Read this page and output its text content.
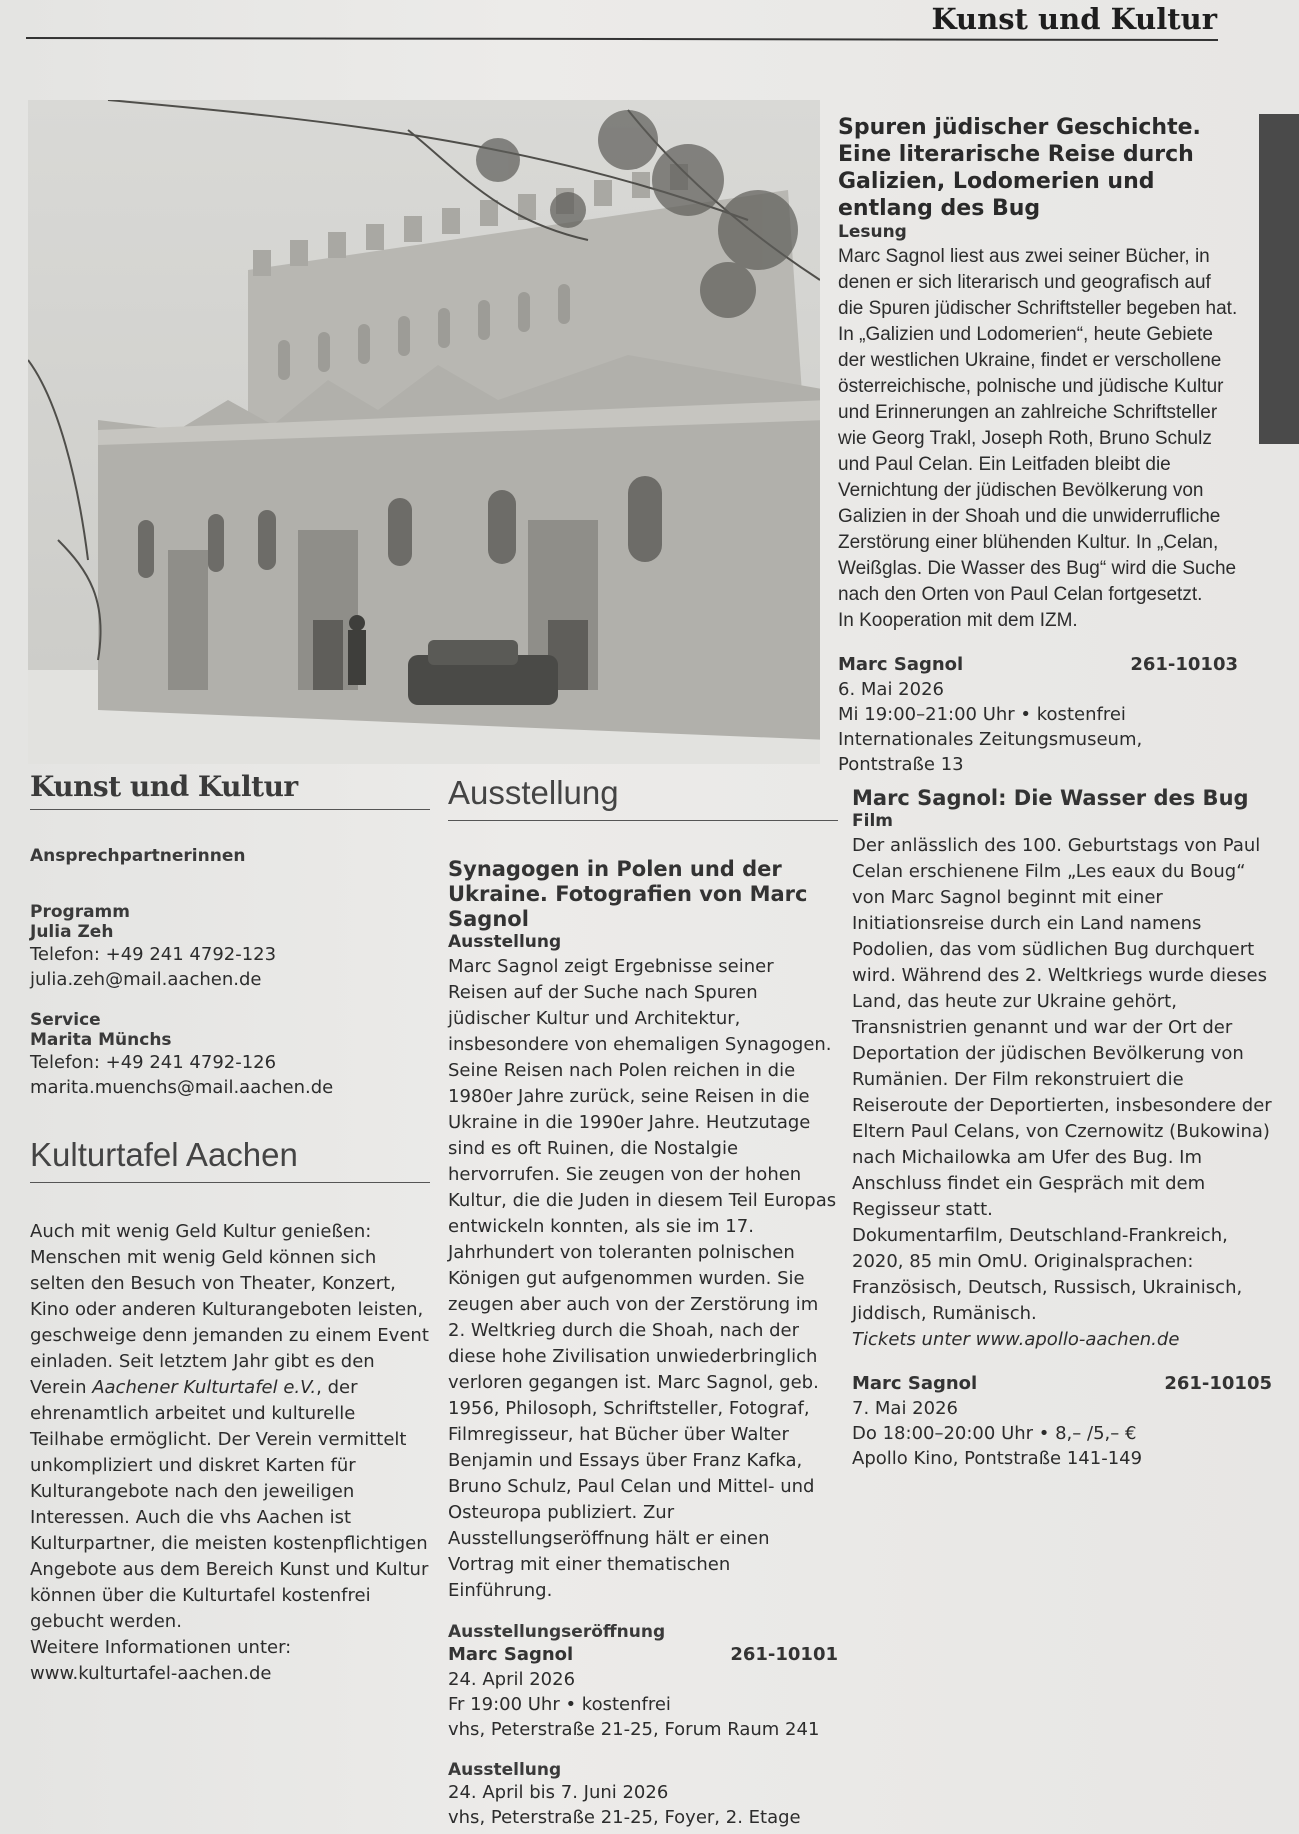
Kunst und Kultur
Spuren jüdischer Geschichte. Eine literarische Reise durch Galizien, Lodomerien und entlang des Bug
Lesung
Marc Sagnol liest aus zwei seiner Bücher, in denen er sich literarisch und geografisch auf die Spuren jüdischer Schriftsteller begeben hat. In „Galizien und Lodomerien“, heute Gebiete der westlichen Ukraine, findet er verschollene österreichische, polnische und jüdische Kultur und Erinnerungen an zahlreiche Schriftsteller wie Georg Trakl, Joseph Roth, Bruno Schulz und Paul Celan. Ein Leitfaden bleibt die Vernichtung der jüdischen Bevölkerung von Galizien in der Shoah und die unwiderrufliche Zerstörung einer blühenden Kultur. In „Celan, Weißglas. Die Wasser des Bug“ wird die Suche nach den Orten von Paul Celan fortgesetzt.
In Kooperation mit dem IZM.
Marc Sagnol	261-10103
6. Mai 2026
Mi 19:00–21:00 Uhr • kostenfrei
Internationales Zeitungsmuseum, Pontstraße 13
Kunst und Kultur
Ansprechpartnerinnen
Programm
Julia Zeh
Telefon: +49 241 4792-123
julia.zeh@mail.aachen.de
Service
Marita Münchs
Telefon: +49 241 4792-126
marita.muenchs@mail.aachen.de
Kulturtafel Aachen
Auch mit wenig Geld Kultur genießen: Menschen mit wenig Geld können sich selten den Besuch von Theater, Konzert, Kino oder anderen Kulturangeboten leisten, geschweige denn jemanden zu einem Event einladen. Seit letztem Jahr gibt es den Verein Aachener Kulturtafel e.V., der ehrenamtlich arbeitet und kulturelle Teilhabe ermöglicht. Der Verein vermittelt unkompliziert und diskret Karten für Kulturangebote nach den jeweiligen Interessen. Auch die vhs Aachen ist Kulturpartner, die meisten kostenpflichtigen Angebote aus dem Bereich Kunst und Kultur können über die Kulturtafel kostenfrei gebucht werden.
Weitere Informationen unter:
www.kulturtafel-aachen.de
Ausstellung
Synagogen in Polen und der Ukraine. Fotografien von Marc Sagnol
Ausstellung
Marc Sagnol zeigt Ergebnisse seiner Reisen auf der Suche nach Spuren jüdischer Kultur und Architektur, insbesondere von ehemaligen Synagogen. Seine Reisen nach Polen reichen in die 1980er Jahre zurück, seine Reisen in die Ukraine in die 1990er Jahre. Heutzutage sind es oft Ruinen, die Nostalgie hervorrufen. Sie zeugen von der hohen Kultur, die die Juden in diesem Teil Europas entwickeln konnten, als sie im 17. Jahrhundert von toleranten polnischen Königen gut aufgenommen wurden. Sie zeugen aber auch von der Zerstörung im 2. Weltkrieg durch die Shoah, nach der diese hohe Zivilisation unwiederbringlich verloren gegangen ist. Marc Sagnol, geb. 1956, Philosoph, Schriftsteller, Fotograf, Filmregisseur, hat Bücher über Walter Benjamin und Essays über Franz Kafka, Bruno Schulz, Paul Celan und Mittel- und Osteuropa publiziert. Zur Ausstellungseröffnung hält er einen Vortrag mit einer thematischen Einführung.
Ausstellungseröffnung
Marc Sagnol	261-10101
24. April 2026
Fr 19:00 Uhr • kostenfrei
vhs, Peterstraße 21-25, Forum Raum 241
Ausstellung
24. April bis 7. Juni 2026
vhs, Peterstraße 21-25, Foyer, 2. Etage
Marc Sagnol: Die Wasser des Bug
Film
Der anlässlich des 100. Geburtstags von Paul Celan erschienene Film „Les eaux du Boug“ von Marc Sagnol beginnt mit einer Initiationsreise durch ein Land namens Podolien, das vom südlichen Bug durchquert wird. Während des 2. Weltkriegs wurde dieses Land, das heute zur Ukraine gehört, Transnistrien genannt und war der Ort der Deportation der jüdischen Bevölkerung von Rumänien. Der Film rekonstruiert die Reiseroute der Deportierten, insbesondere der Eltern Paul Celans, von Czernowitz (Bukowina) nach Michailowka am Ufer des Bug. Im Anschluss findet ein Gespräch mit dem Regisseur statt.
Dokumentarfilm, Deutschland-Frankreich, 2020, 85 min OmU. Originalsprachen: Französisch, Deutsch, Russisch, Ukrainisch, Jiddisch, Rumänisch.
Tickets unter www.apollo-aachen.de
Marc Sagnol	261-10105
7. Mai 2026
Do 18:00–20:00 Uhr • 8,– /5,– €
Apollo Kino, Pontstraße 141-149
